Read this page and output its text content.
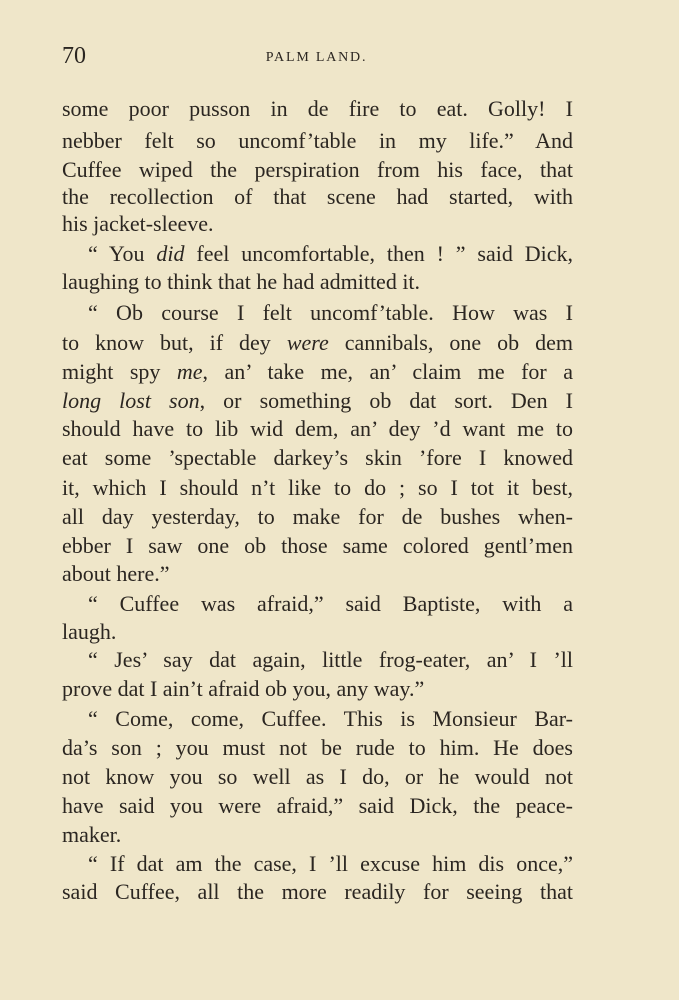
70	PALM LAND.
some poor pusson in de fire to eat. Golly! I
nebber felt so uncomf’table in my life.” And
Cuffee wiped the perspiration from his face, that
the recollection of that scene had started, with
his jacket-sleeve.
“ You did feel uncomfortable, then ! ” said Dick,
laughing to think that he had admitted it.
“ Ob course I felt uncomf’table. How was I
to know but, if dey were cannibals, one ob dem
might spy me, an’ take me, an’ claim me for a
long lost son, or something ob dat sort. Den I
should have to lib wid dem, an’ dey ’d want me to
eat some ’spectable darkey’s skin ’fore I knowed
it, which I should n’t like to do ; so I tot it best,
all day yesterday, to make for de bushes when-
ebber I saw one ob those same colored gentl’men
about here.”
“ Cuffee was afraid,” said Baptiste, with a
laugh.
“ Jes’ say dat again, little frog-eater, an’ I ’ll
prove dat I ain’t afraid ob you, any way.”
“ Come, come, Cuffee. This is Monsieur Bar-
da’s son ; you must not be rude to him. He does
not know you so well as I do, or he would not
have said you were afraid,” said Dick, the peace-
maker.
“ If dat am the case, I ’ll excuse him dis once,”
said Cuffee, all the more readily for seeing that
